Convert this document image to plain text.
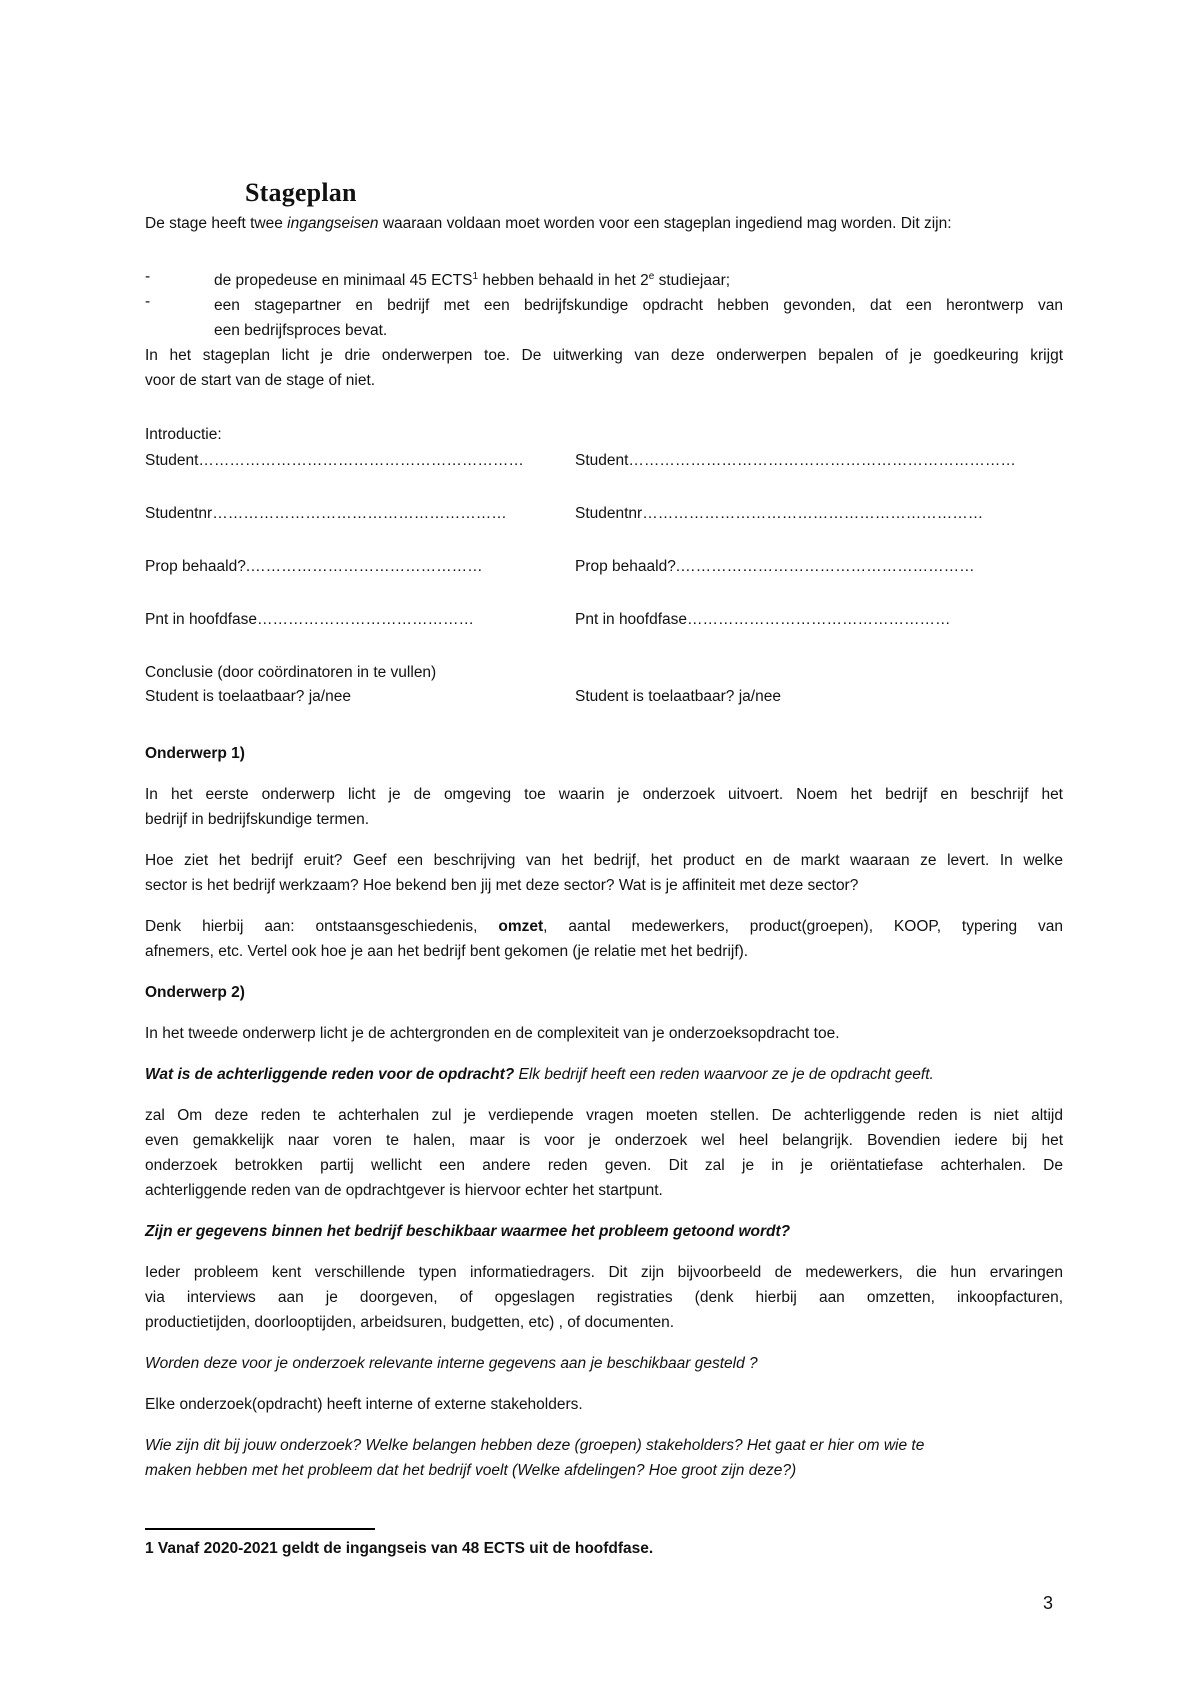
Stageplan
De stage heeft twee ingangseisen waaraan voldaan moet worden voor een stageplan ingediend mag worden. Dit zijn:
-	de propedeuse en minimaal 45 ECTS$^1$ hebben behaald in het 2e studiejaar;
-	een stagepartner en bedrijf met een bedrijfskundige opdracht hebben gevonden, dat een herontwerp van
een bedrijfsproces bevat.
In het stageplan licht je drie onderwerpen toe. De uitwerking van deze onderwerpen bepalen of je goedkeuring krijgt
voor de start van de stage of niet.
Introductie:
Student………………………………………………………	Student…………………………………………………………………
Studentnr…………………………………………………	Studentnr…………………………………………………………
Prop behaald?.………………………………………	Prop behaald?.…………………………………………………
Pnt in hoofdfase……………………………………	Pnt in hoofdfase……………………………………………
Conclusie (door coördinatoren in te vullen)
Student is toelaatbaar? ja/nee	Student is toelaatbaar? ja/nee
Onderwerp 1)
In het eerste onderwerp licht je de omgeving toe waarin je onderzoek uitvoert. Noem het bedrijf en beschrijf het
bedrijf in bedrijfskundige termen.
Hoe ziet het bedrijf eruit? Geef een beschrijving van het bedrijf, het product en de markt waaraan ze levert. In welke
sector is het bedrijf werkzaam? Hoe bekend ben jij met deze sector? Wat is je affiniteit met deze sector?
Denk hierbij aan: ontstaansgeschiedenis, omzet, aantal medewerkers, product(groepen), KOOP, typering van
afnemers, etc. Vertel ook hoe je aan het bedrijf bent gekomen (je relatie met het bedrijf).
Onderwerp 2)
In het tweede onderwerp licht je de achtergronden en de complexiteit van je onderzoeksopdracht toe.
Wat is de achterliggende reden voor de opdracht? Elk bedrijf heeft een reden waarvoor ze je de opdracht geeft.
zal Om deze reden te achterhalen zul je verdiepende vragen moeten stellen. De achterliggende reden is niet altijd
even gemakkelijk naar voren te halen, maar is voor je onderzoek wel heel belangrijk. Bovendien iedere bij het
onderzoek betrokken partij wellicht een andere reden geven. Dit zal je in je oriëntatiefase achterhalen. De
achterliggende reden van de opdrachtgever is hiervoor echter het startpunt.
Zijn er gegevens binnen het bedrijf beschikbaar waarmee het probleem getoond wordt?
Ieder probleem kent verschillende typen informatiedragers. Dit zijn bijvoorbeeld de medewerkers, die hun ervaringen
via interviews aan je doorgeven, of opgeslagen registraties (denk hierbij aan omzetten, inkoopfacturen,
productietijden, doorlooptijden, arbeidsuren, budgetten, etc) , of documenten.
Worden deze voor je onderzoek relevante interne gegevens aan je beschikbaar gesteld ?
Elke onderzoek(opdracht) heeft interne of externe stakeholders.
Wie zijn dit bij jouw onderzoek? Welke belangen hebben deze (groepen) stakeholders? Het gaat er hier om wie te
maken hebben met het probleem dat het bedrijf voelt (Welke afdelingen? Hoe groot zijn deze?)
1 Vanaf 2020-2021 geldt de ingangseis van 48 ECTS uit de hoofdfase.
3
